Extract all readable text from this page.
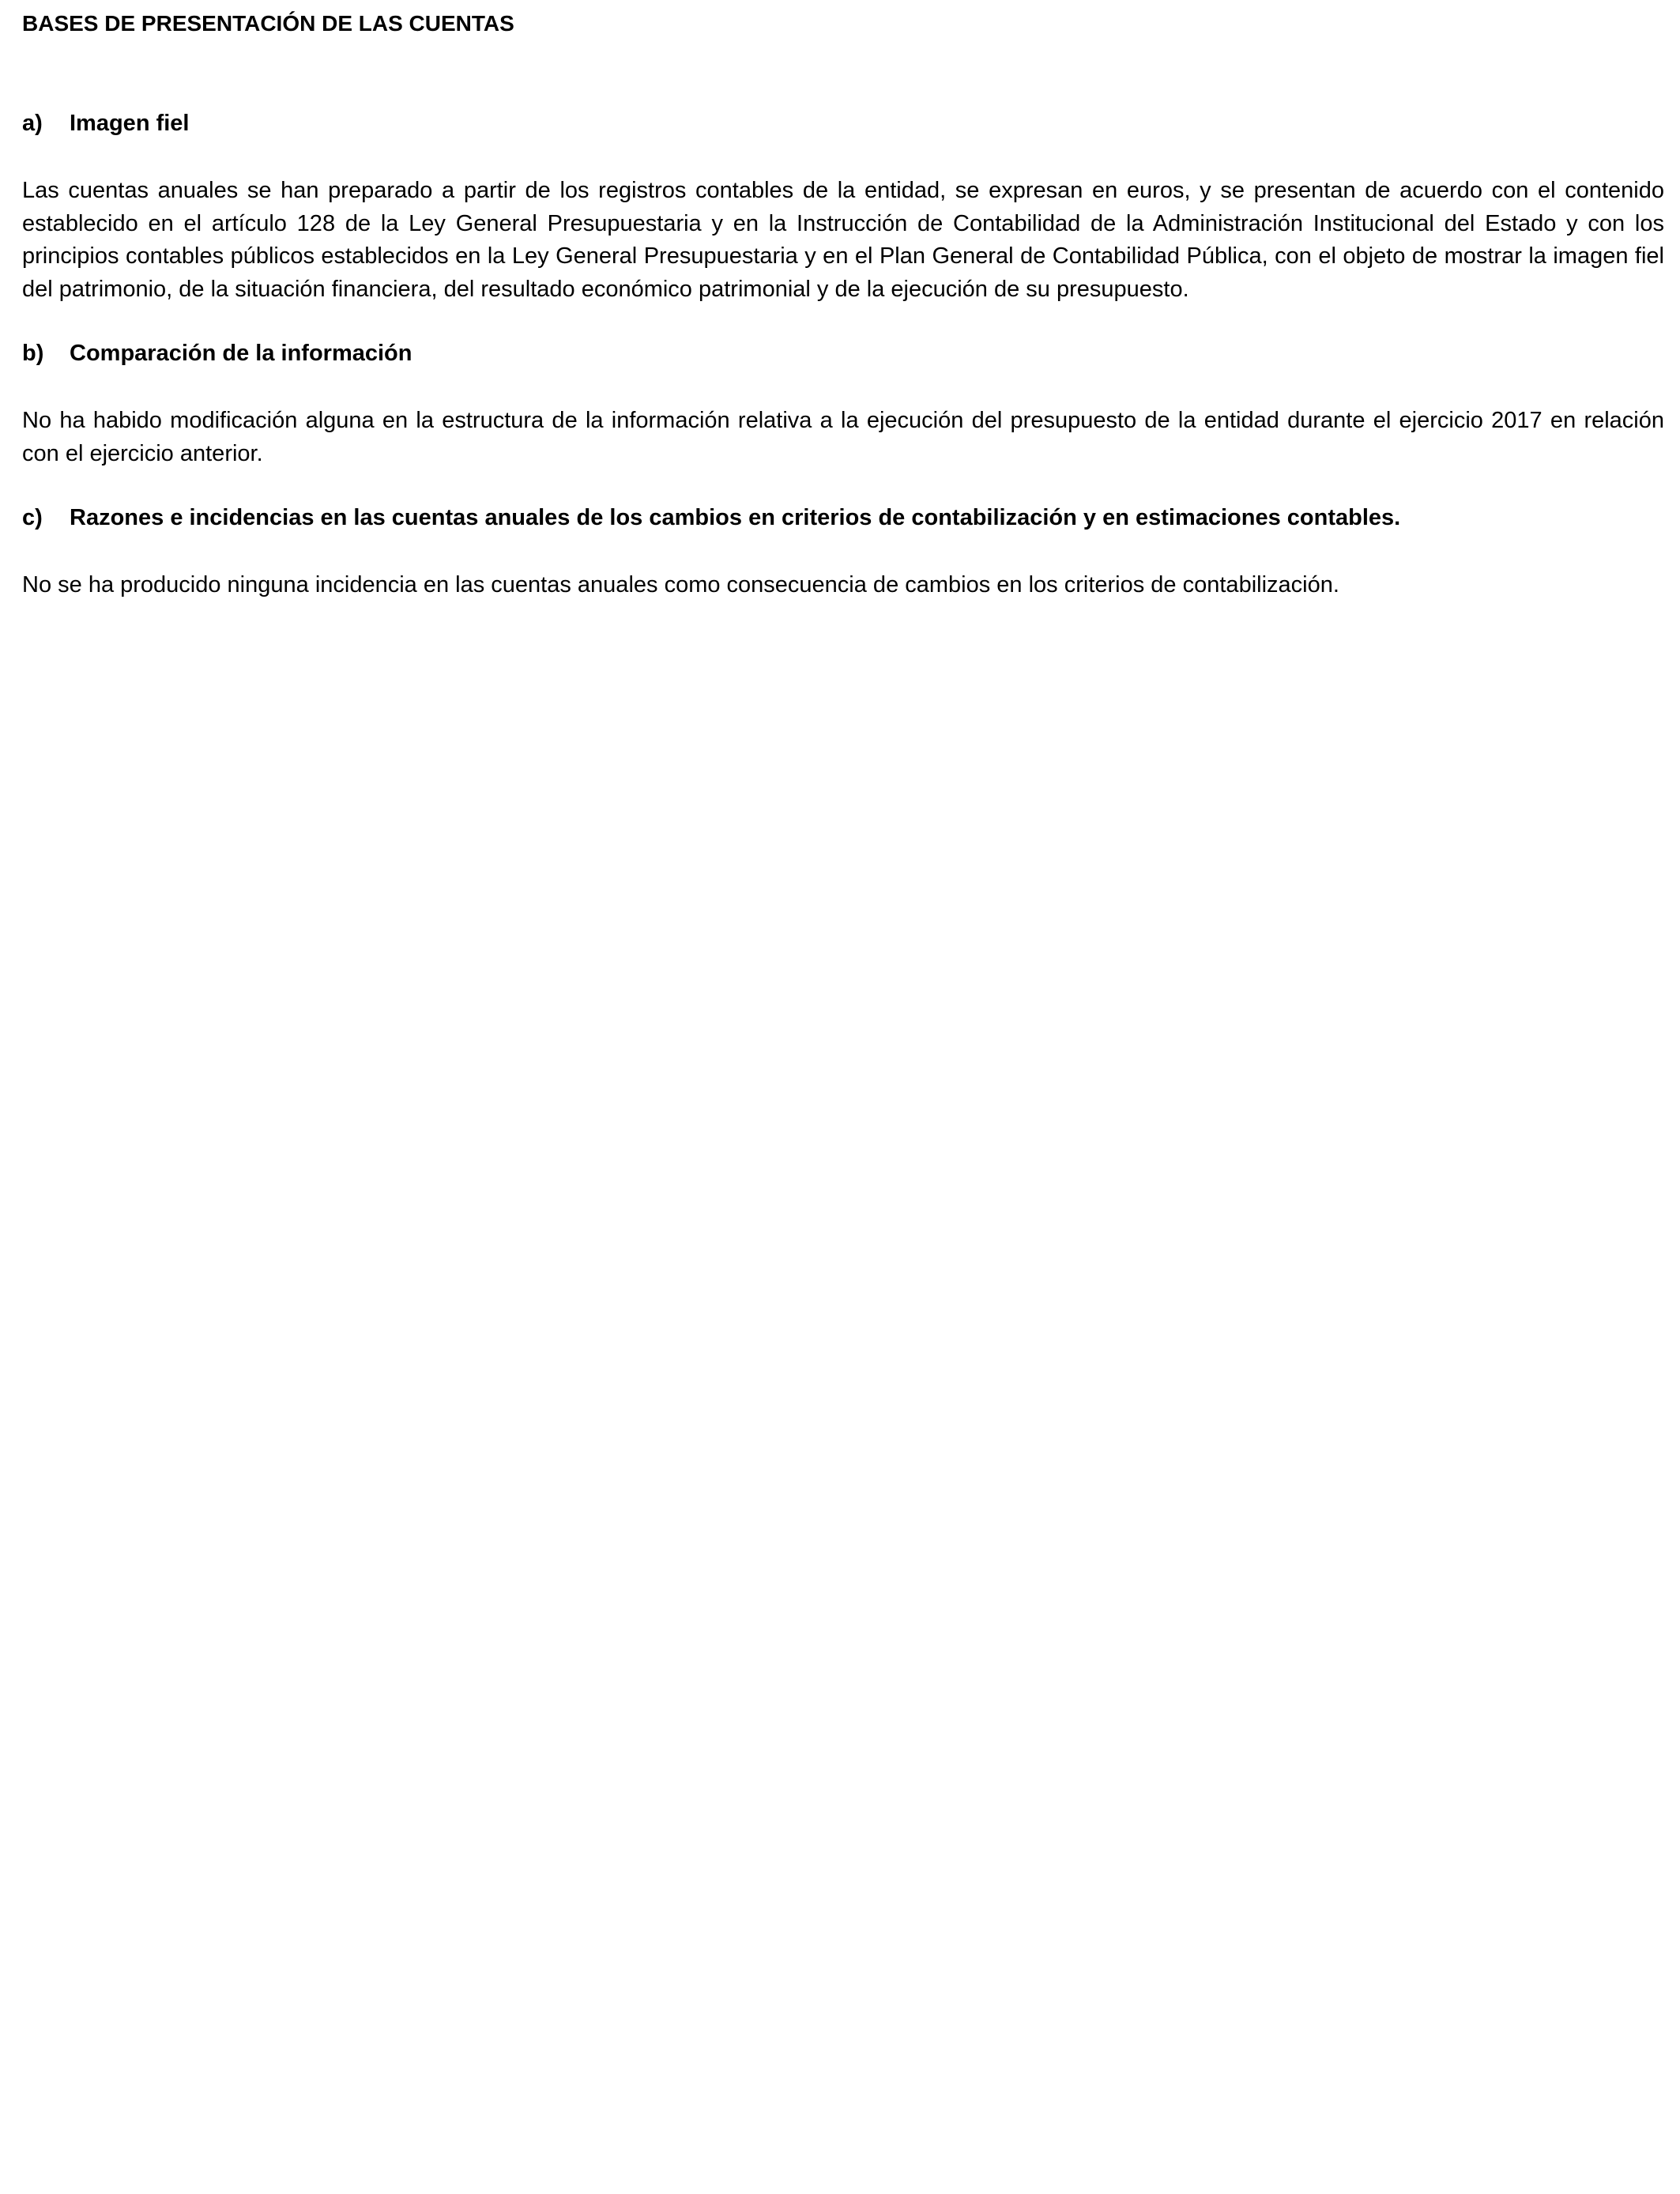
BASES DE PRESENTACIÓN DE LAS CUENTAS
a)	Imagen fiel

Las cuentas anuales se han preparado a partir de los registros contables de la entidad, se expresan en euros, y se presentan de acuerdo con el contenido establecido en el artículo 128 de la Ley General Presupuestaria y en la Instrucción de Contabilidad de la Administración Institucional del Estado y con los principios contables públicos establecidos en la Ley General Presupuestaria y en el Plan General de Contabilidad Pública, con el objeto de mostrar la imagen fiel del patrimonio, de la situación financiera, del resultado económico patrimonial y de la ejecución de su presupuesto.

b)	Comparación de la información

No ha habido modificación alguna en la estructura de la información relativa a la ejecución del presupuesto de la entidad durante el ejercicio 2017 en relación con el ejercicio anterior.

c)	Razones e incidencias en las cuentas anuales de los cambios en criterios de contabilización y en estimaciones contables.

No se ha producido ninguna incidencia en las cuentas anuales como consecuencia de cambios en los criterios de contabilización.
